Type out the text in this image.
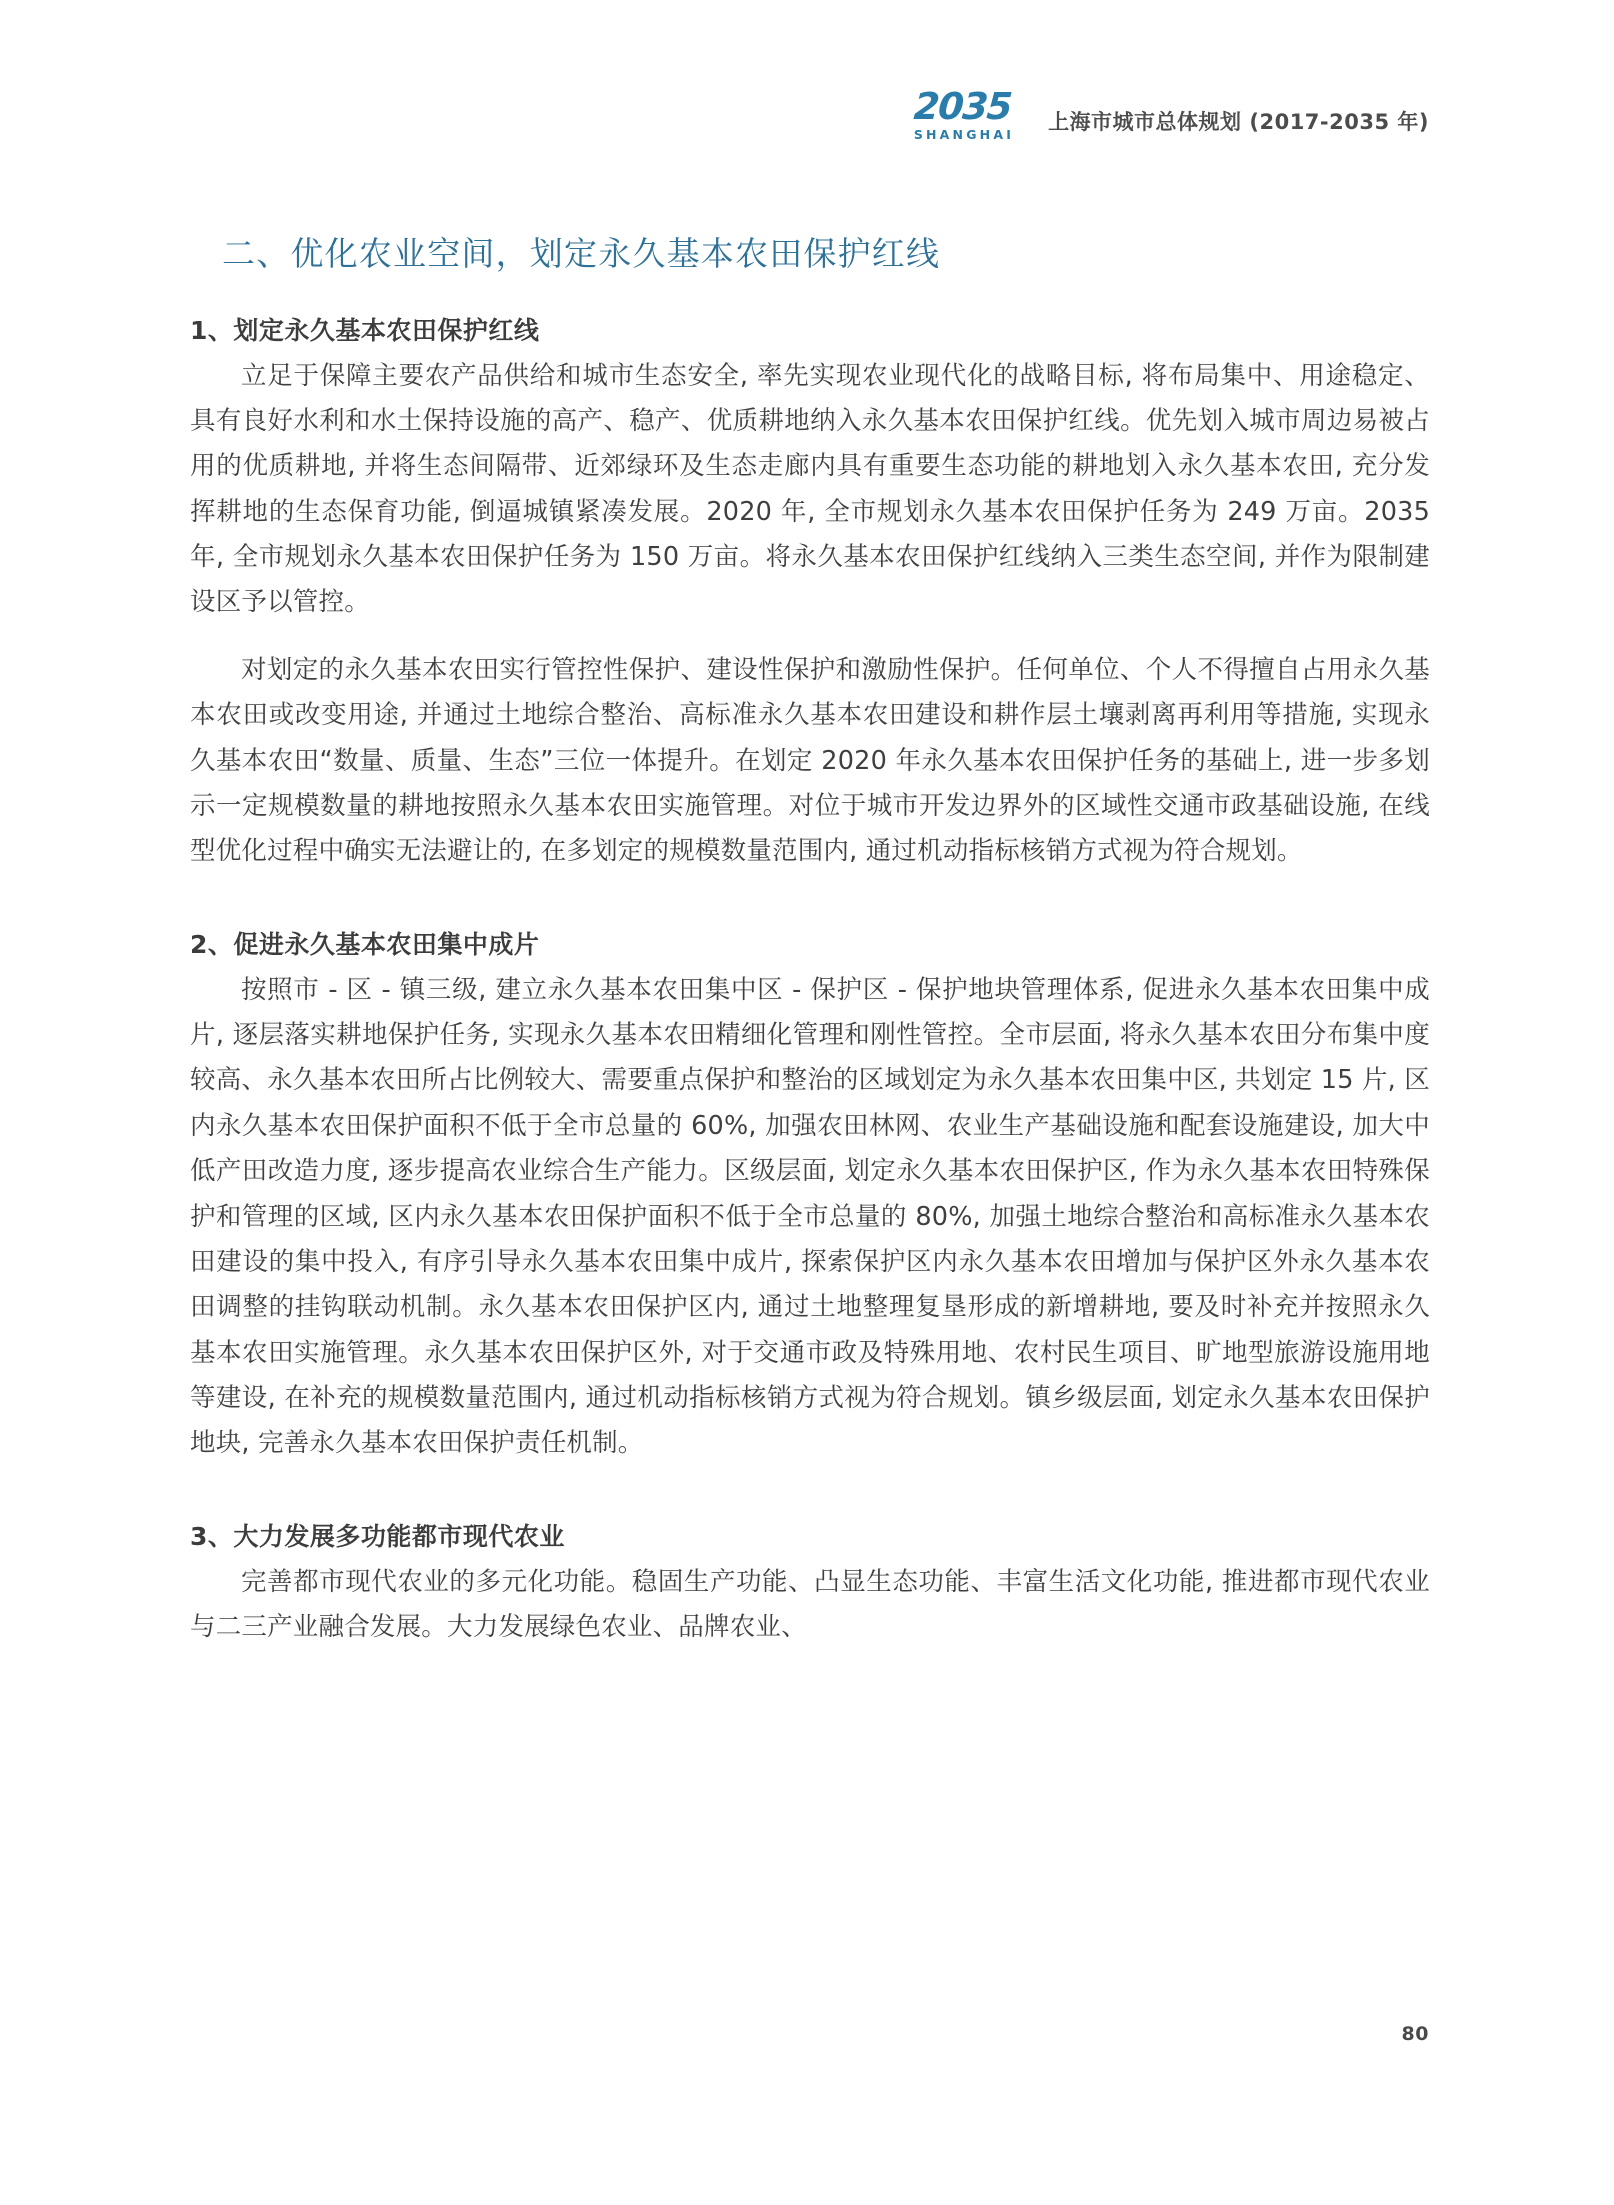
2035
SHANGHAI
上海市城市总体规划 (2017-2035 年)
二、优化农业空间，划定永久基本农田保护红线
1、划定永久基本农田保护红线

立足于保障主要农产品供给和城市生态安全, 率先实现农业现代化的战略目标, 将布局集中、用途稳定、具有良好水利和水土保持设施的高产、稳产、优质耕地纳入永久基本农田保护红线。优先划入城市周边易被占用的优质耕地, 并将生态间隔带、近郊绿环及生态走廊内具有重要生态功能的耕地划入永久基本农田, 充分发挥耕地的生态保育功能, 倒逼城镇紧凑发展。2020 年, 全市规划永久基本农田保护任务为 249 万亩。2035 年, 全市规划永久基本农田保护任务为 150 万亩。将永久基本农田保护红线纳入三类生态空间, 并作为限制建设区予以管控。

对划定的永久基本农田实行管控性保护、建设性保护和激励性保护。任何单位、个人不得擅自占用永久基本农田或改变用途, 并通过土地综合整治、高标准永久基本农田建设和耕作层土壤剥离再利用等措施, 实现永久基本农田“数量、质量、生态”三位一体提升。在划定 2020 年永久基本农田保护任务的基础上, 进一步多划示一定规模数量的耕地按照永久基本农田实施管理。对位于城市开发边界外的区域性交通市政基础设施, 在线型优化过程中确实无法避让的, 在多划定的规模数量范围内, 通过机动指标核销方式视为符合规划。

2、促进永久基本农田集中成片

按照市 - 区 - 镇三级, 建立永久基本农田集中区 - 保护区 - 保护地块管理体系, 促进永久基本农田集中成片, 逐层落实耕地保护任务, 实现永久基本农田精细化管理和刚性管控。全市层面, 将永久基本农田分布集中度较高、永久基本农田所占比例较大、需要重点保护和整治的区域划定为永久基本农田集中区, 共划定 15 片, 区内永久基本农田保护面积不低于全市总量的 60%, 加强农田林网、农业生产基础设施和配套设施建设, 加大中低产田改造力度, 逐步提高农业综合生产能力。区级层面, 划定永久基本农田保护区, 作为永久基本农田特殊保护和管理的区域, 区内永久基本农田保护面积不低于全市总量的 80%, 加强土地综合整治和高标准永久基本农田建设的集中投入, 有序引导永久基本农田集中成片, 探索保护区内永久基本农田增加与保护区外永久基本农田调整的挂钩联动机制。永久基本农田保护区内, 通过土地整理复垦形成的新增耕地, 要及时补充并按照永久基本农田实施管理。永久基本农田保护区外, 对于交通市政及特殊用地、农村民生项目、旷地型旅游设施用地等建设, 在补充的规模数量范围内, 通过机动指标核销方式视为符合规划。镇乡级层面, 划定永久基本农田保护地块, 完善永久基本农田保护责任机制。

3、大力发展多功能都市现代农业

完善都市现代农业的多元化功能。稳固生产功能、凸显生态功能、丰富生活文化功能, 推进都市现代农业与二三产业融合发展。大力发展绿色农业、品牌农业、

80
